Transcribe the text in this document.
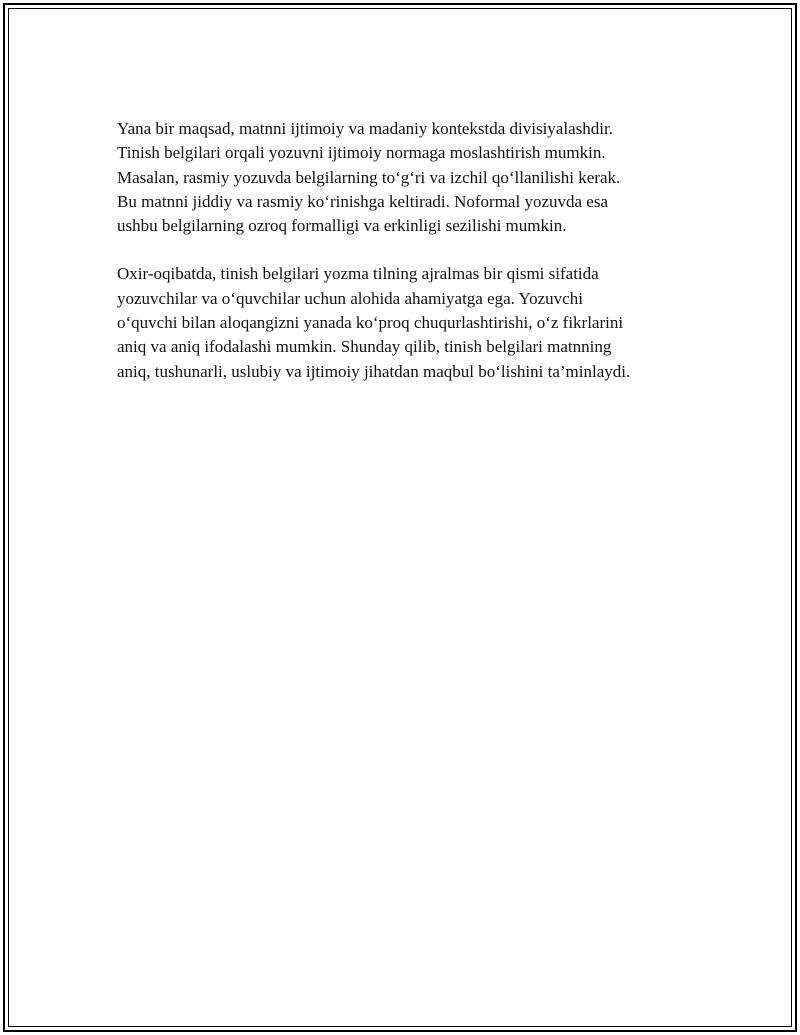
Yana bir maqsad, matnni ijtimoiy va madaniy kontekstda divisiyalashdir.
Tinish belgilari orqali yozuvni ijtimoiy normaga moslashtirish mumkin.
Masalan, rasmiy yozuvda belgilarning to‘g‘ri va izchil qo‘llanilishi kerak.
Bu matnni jiddiy va rasmiy ko‘rinishga keltiradi. Noformal yozuvda esa
ushbu belgilarning ozroq formalligi va erkinligi sezilishi mumkin.

Oxir-oqibatda, tinish belgilari yozma tilning ajralmas bir qismi sifatida
yozuvchilar va o‘quvchilar uchun alohida ahamiyatga ega. Yozuvchi
o‘quvchi bilan aloqangizni yanada ko‘proq chuqurlashtirishi, o‘z fikrlarini
aniq va aniq ifodalashi mumkin. Shunday qilib, tinish belgilari matnning
aniq, tushunarli, uslubiy va ijtimoiy jihatdan maqbul bo‘lishini ta’minlaydi.
